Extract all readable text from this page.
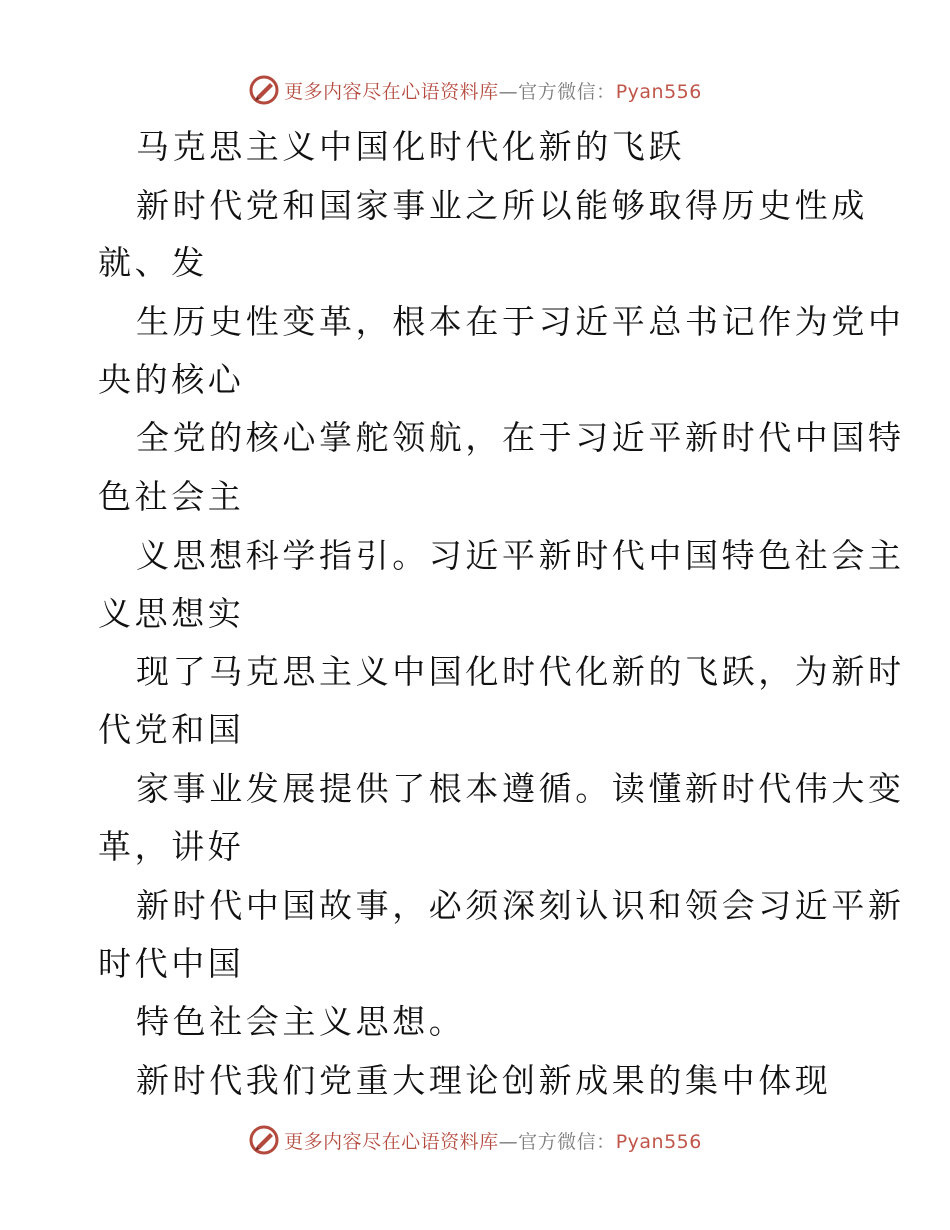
更多内容尽在心语资料库—官方微信：Pyan556
马克思主义中国化时代化新的飞跃
新时代党和国家事业之所以能够取得历史性成
就、发
生历史性变革，根本在于习近平总书记作为党中
央的核心
全党的核心掌舵领航，在于习近平新时代中国特
色社会主
义思想科学指引。习近平新时代中国特色社会主
义思想实
现了马克思主义中国化时代化新的飞跃，为新时
代党和国
家事业发展提供了根本遵循。读懂新时代伟大变
革，讲好
新时代中国故事，必须深刻认识和领会习近平新
时代中国
特色社会主义思想。
新时代我们党重大理论创新成果的集中体现
更多内容尽在心语资料库—官方微信：Pyan556
